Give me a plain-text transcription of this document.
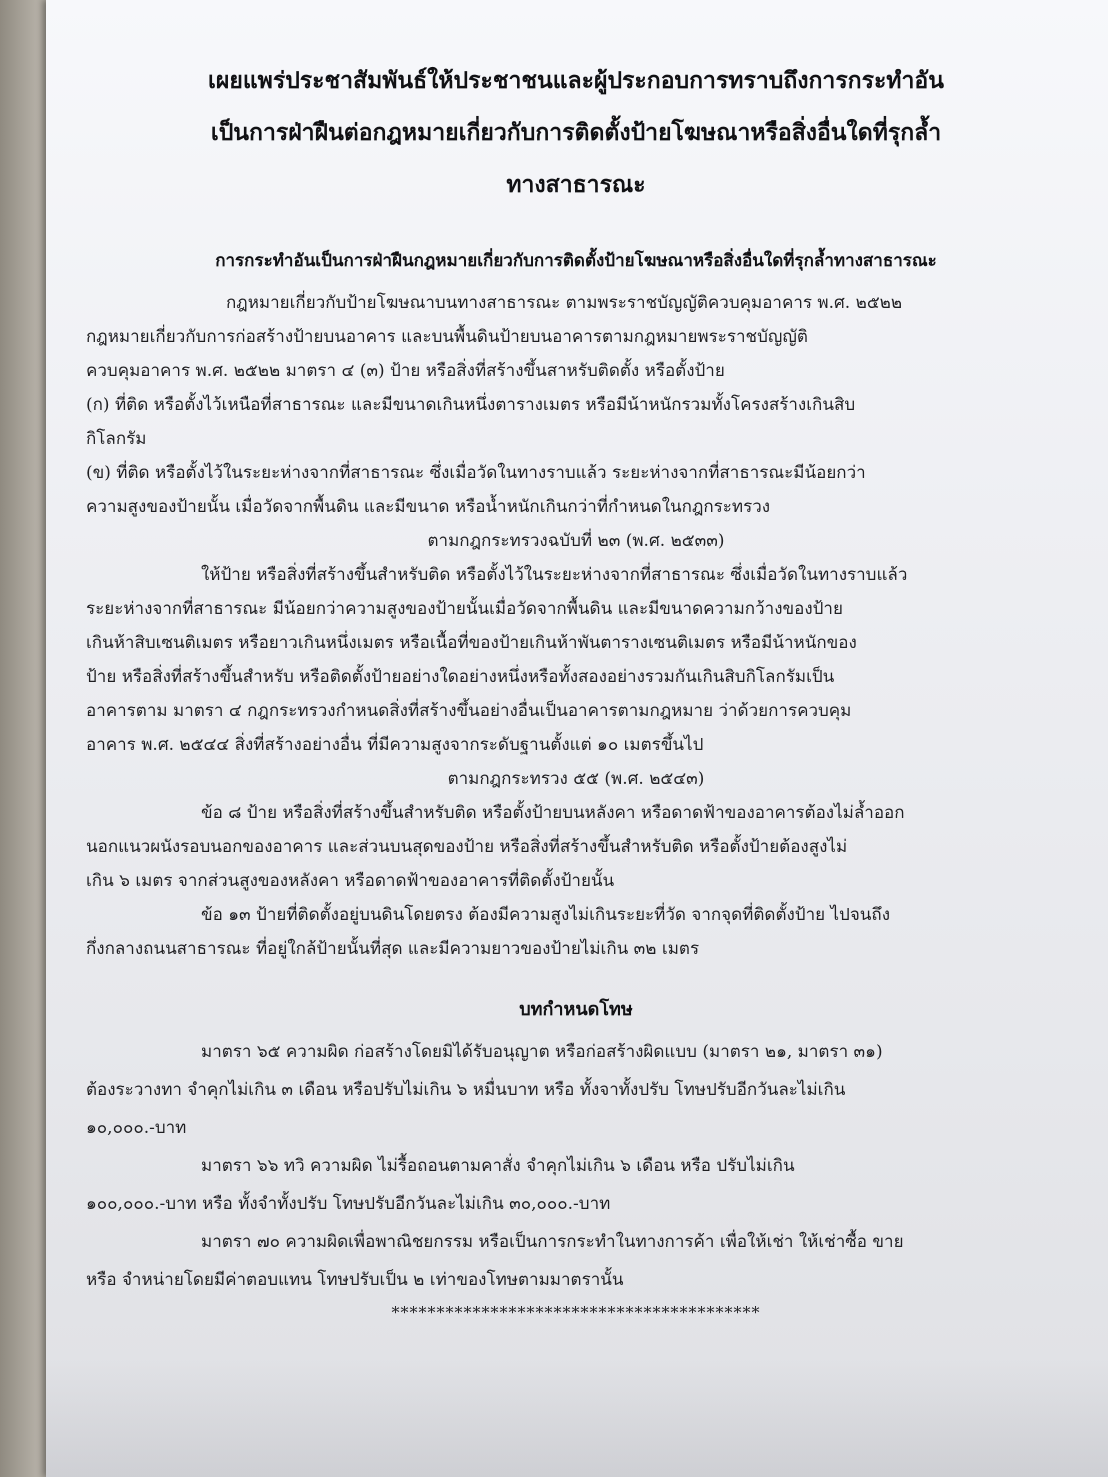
เผยแพร่ประชาสัมพันธ์ให้ประชาชนและผู้ประกอบการทราบถึงการกระทำอัน
เป็นการฝ่าฝืนต่อกฎหมายเกี่ยวกับการติดตั้งป้ายโฆษณาหรือสิ่งอื่นใดที่รุกล้ำ
ทางสาธารณะ
การกระทำอันเป็นการฝ่าฝืนกฎหมายเกี่ยวกับการติดตั้งป้ายโฆษณาหรือสิ่งอื่นใดที่รุกล้ำทางสาธารณะ
กฎหมายเกี่ยวกับป้ายโฆษณาบนทางสาธารณะ ตามพระราชบัญญัติควบคุมอาคาร พ.ศ. ๒๕๒๒
กฎหมายเกี่ยวกับการก่อสร้างป้ายบนอาคาร และบนพื้นดินป้ายบนอาคารตามกฎหมายพระราชบัญญัติ
ควบคุมอาคาร พ.ศ. ๒๕๒๒ มาตรา ๔ (๓) ป้าย หรือสิ่งที่สร้างขึ้นสาหรับติดตั้ง หรือตั้งป้าย
(ก) ที่ติด หรือตั้งไว้เหนือที่สาธารณะ และมีขนาดเกินหนึ่งตารางเมตร หรือมีน้าหนักรวมทั้งโครงสร้างเกินสิบ
กิโลกรัม
(ข) ที่ติด หรือตั้งไว้ในระยะห่างจากที่สาธารณะ ซึ่งเมื่อวัดในทางราบแล้ว ระยะห่างจากที่สาธารณะมีน้อยกว่า
ความสูงของป้ายนั้น เมื่อวัดจากพื้นดิน และมีขนาด หรือน้ำหนักเกินกว่าที่กำหนดในกฎกระทรวง
ตามกฎกระทรวงฉบับที่ ๒๓ (พ.ศ. ๒๕๓๓)
ให้ป้าย หรือสิ่งที่สร้างขึ้นสำหรับติด หรือตั้งไว้ในระยะห่างจากที่สาธารณะ ซึ่งเมื่อวัดในทางราบแล้ว
ระยะห่างจากที่สาธารณะ มีน้อยกว่าความสูงของป้ายนั้นเมื่อวัดจากพื้นดิน และมีขนาดความกว้างของป้าย
เกินห้าสิบเซนติเมตร หรือยาวเกินหนึ่งเมตร หรือเนื้อที่ของป้ายเกินห้าพันตารางเซนติเมตร หรือมีน้าหนักของ
ป้าย หรือสิ่งที่สร้างขึ้นสำหรับ หรือติดตั้งป้ายอย่างใดอย่างหนึ่งหรือทั้งสองอย่างรวมกันเกินสิบกิโลกรัมเป็น
อาคารตาม มาตรา ๔ กฎกระทรวงกำหนดสิ่งที่สร้างขึ้นอย่างอื่นเป็นอาคารตามกฎหมาย ว่าด้วยการควบคุม
อาคาร พ.ศ. ๒๕๔๔ สิ่งที่สร้างอย่างอื่น ที่มีความสูงจากระดับฐานตั้งแต่ ๑๐ เมตรขึ้นไป
ตามกฎกระทรวง ๕๕ (พ.ศ. ๒๕๔๓)
ข้อ ๘ ป้าย หรือสิ่งที่สร้างขึ้นสำหรับติด หรือตั้งป้ายบนหลังคา หรือดาดฟ้าของอาคารต้องไม่ล้ำออก
นอกแนวผนังรอบนอกของอาคาร และส่วนบนสุดของป้าย หรือสิ่งที่สร้างขึ้นสำหรับติด หรือตั้งป้ายต้องสูงไม่
เกิน ๖ เมตร จากส่วนสูงของหลังคา หรือดาดฟ้าของอาคารที่ติดตั้งป้ายนั้น
ข้อ ๑๓ ป้ายที่ติดตั้งอยู่บนดินโดยตรง ต้องมีความสูงไม่เกินระยะที่วัด จากจุดที่ติดตั้งป้าย ไปจนถึง
กึ่งกลางถนนสาธารณะ ที่อยู่ใกล้ป้ายนั้นที่สุด และมีความยาวของป้ายไม่เกิน ๓๒ เมตร
บทกำหนดโทษ
มาตรา ๖๕ ความผิด ก่อสร้างโดยมิได้รับอนุญาต หรือก่อสร้างผิดแบบ (มาตรา ๒๑, มาตรา ๓๑)
ต้องระวางทา จำคุกไม่เกิน ๓ เดือน หรือปรับไม่เกิน ๖ หมื่นบาท หรือ ทั้งจาทั้งปรับ โทษปรับอีกวันละไม่เกิน
๑๐,๐๐๐.-บาท
มาตรา ๖๖ ทวิ ความผิด ไม่รื้อถอนตามคาสั่ง จำคุกไม่เกิน ๖ เดือน หรือ ปรับไม่เกิน
๑๐๐,๐๐๐.-บาท หรือ ทั้งจำทั้งปรับ โทษปรับอีกวันละไม่เกิน ๓๐,๐๐๐.-บาท
มาตรา ๗๐ ความผิดเพื่อพาณิชยกรรม หรือเป็นการกระทำในทางการค้า เพื่อให้เช่า ให้เช่าซื้อ ขาย
หรือ จำหน่ายโดยมีค่าตอบแทน โทษปรับเป็น ๒ เท่าของโทษตามมาตรานั้น
*****************************************
